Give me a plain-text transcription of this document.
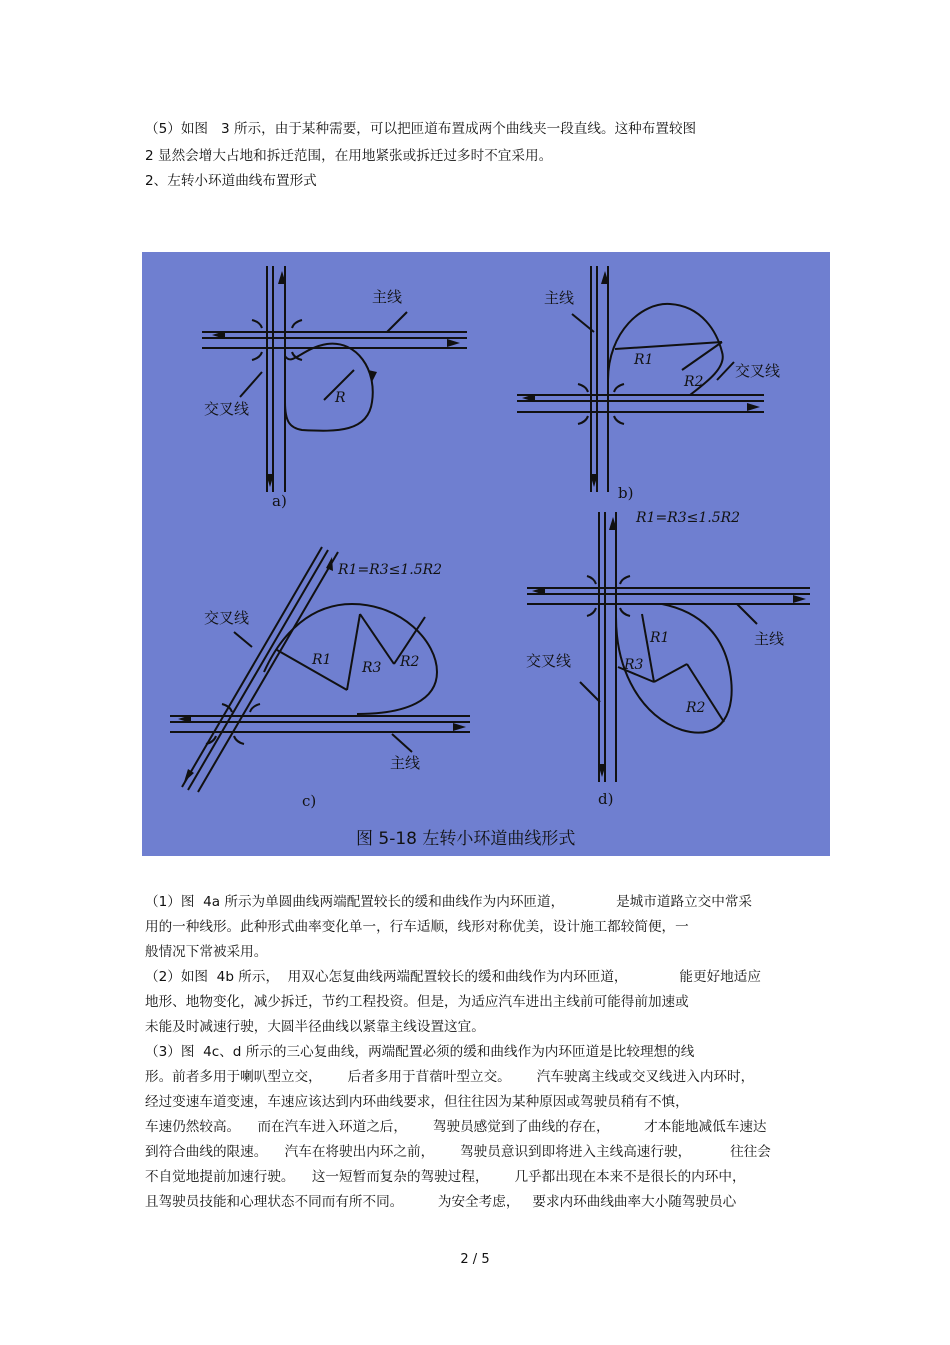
（5）如图   3 所示，由于某种需要，可以把匝道布置成两个曲线夹一段直线。这种布置较图
2 显然会增大占地和拆迁范围，在用地紧张或拆迁过多时不宜采用。
2、左转小环道曲线布置形式
主线
交叉线
R
a)
主线
交叉线
R1
R2
b)
R1=R3≤1.5R2
R1=R3≤1.5R2
交叉线
R1 R3 R2
主线
c)
主线
交叉线
R1
R3
R2
d)
图 5-18 左转小环道曲线形式
（1）图  4a 所示为单圆曲线两端配置较长的缓和曲线作为内环匝道，            是城市道路立交中常采
用的一种线形。此种形式曲率变化单一，行车适顺，线形对称优美，设计施工都较简便，一
般情况下常被采用。
（2）如图  4b 所示，  用双心怎复曲线两端配置较长的缓和曲线作为内环匝道，            能更好地适应
地形、地物变化，减少拆迁，节约工程投资。但是，为适应汽车进出主线前可能得前加速或
未能及时减速行驶，大圆半径曲线以紧靠主线设置这宜。
（3）图  4c、d 所示的三心复曲线，两端配置必须的缓和曲线作为内环匝道是比较理想的线
形。前者多用于喇叭型立交，      后者多用于苜蓿叶型立交。      汽车驶离主线或交叉线进入内环时，
经过变速车道变速，车速应该达到内环曲线要求，但往往因为某种原因或驾驶员稍有不慎，
车速仍然较高。    而在汽车进入环道之后，      驾驶员感觉到了曲线的存在，        才本能地减低车速达
到符合曲线的限速。    汽车在将驶出内环之前，      驾驶员意识到即将进入主线高速行驶，         往往会
不自觉地提前加速行驶。    这一短暂而复杂的驾驶过程，      几乎都出现在本来不是很长的内环中，
且驾驶员技能和心理状态不同而有所不同。        为安全考虑，   要求内环曲线曲率大小随驾驶员心
2 / 5
